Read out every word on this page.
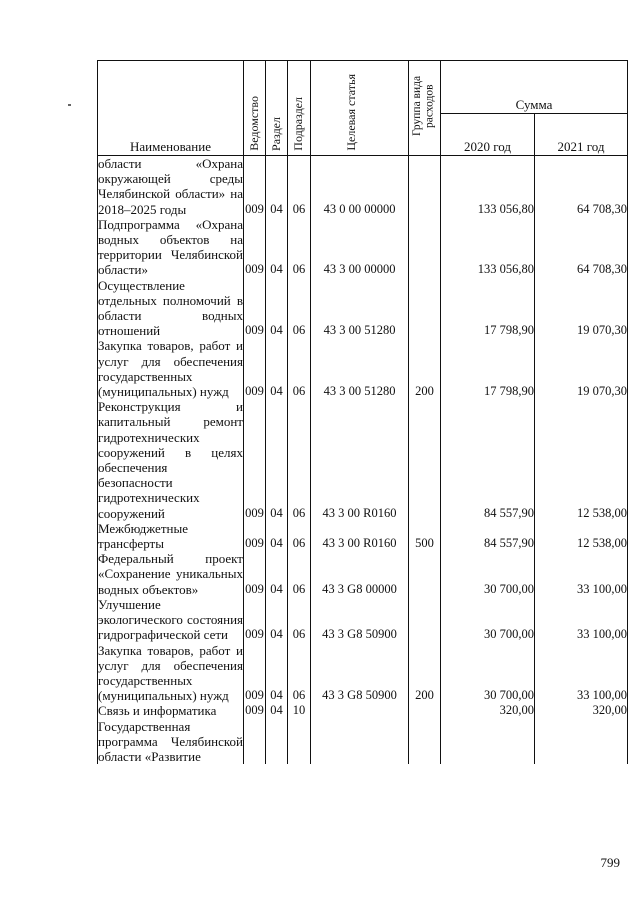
Наименование	Ведомство	Раздел	Подраздел	Целевая статья	Группа вида расходов	Сумма	
						2020 год	2021 год
области «Охрана окружающей среды Челябинской области» на 2018–2025 годы	009	04	06	43 0 00 00000		133 056,80	64 708,30
Подпрограмма «Охрана водных объектов на территории Челябинской области»	009	04	06	43 3 00 00000		133 056,80	64 708,30
Осуществление отдельных полномочий в области водных отношений	009	04	06	43 3 00 51280		17 798,90	19 070,30
Закупка товаров, работ и услуг для обеспечения государственных (муниципальных) нужд	009	04	06	43 3 00 51280	200	17 798,90	19 070,30
Реконструкция и капитальный ремонт гидротехнических сооружений в целях обеспечения безопасности гидротехнических сооружений	009	04	06	43 3 00 R0160		84 557,90	12 538,00
Межбюджетные трансферты	009	04	06	43 3 00 R0160	500	84 557,90	12 538,00
Федеральный проект «Сохранение уникальных водных объектов»	009	04	06	43 3 G8 00000		30 700,00	33 100,00
Улучшение экологического состояния гидрографической сети	009	04	06	43 3 G8 50900		30 700,00	33 100,00
Закупка товаров, работ и услуг для обеспечения государственных (муниципальных) нужд	009	04	06	43 3 G8 50900	200	30 700,00	33 100,00
Связь и информатика	009	04	10			320,00	320,00
Государственная программа Челябинской области «Развитие							
799
